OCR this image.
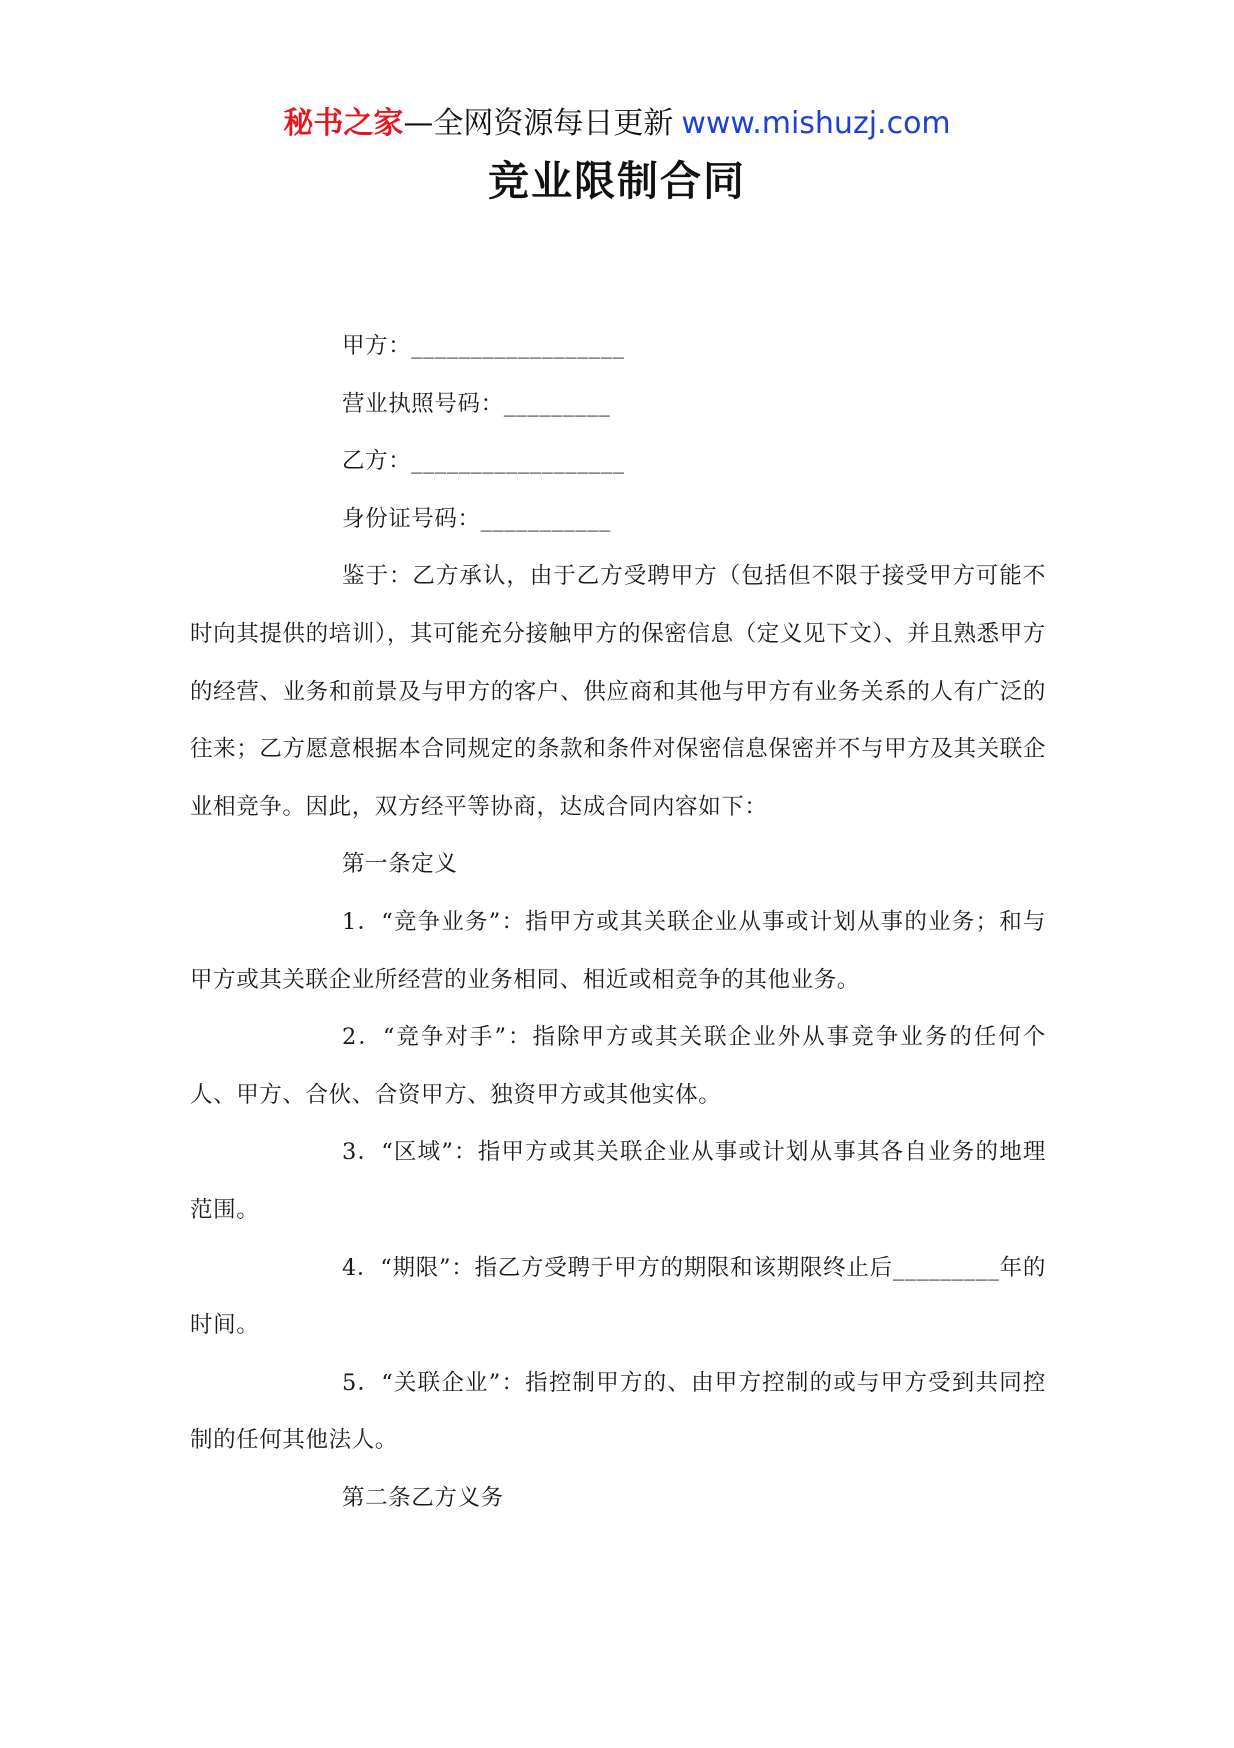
秘书之家—全网资源每日更新 www.mishuzj.com
竞业限制合同

甲方：__________________

营业执照号码：_________

乙方：__________________

身份证号码：___________

鉴于：乙方承认，由于乙方受聘甲方（包括但不限于接受甲方可能不时向其提供的培训），其可能充分接触甲方的保密信息（定义见下文）、并且熟悉甲方的经营、业务和前景及与甲方的客户、供应商和其他与甲方有业务关系的人有广泛的往来；乙方愿意根据本合同规定的条款和条件对保密信息保密并不与甲方及其关联企业相竞争。因此，双方经平等协商，达成合同内容如下：

第一条定义

1．“竞争业务”：指甲方或其关联企业从事或计划从事的业务；和与甲方或其关联企业所经营的业务相同、相近或相竞争的其他业务。

2．“竞争对手”：指除甲方或其关联企业外从事竞争业务的任何个人、甲方、合伙、合资甲方、独资甲方或其他实体。

3．“区域”：指甲方或其关联企业从事或计划从事其各自业务的地理范围。

4．“期限”：指乙方受聘于甲方的期限和该期限终止后_________年的时间。

5．“关联企业”：指控制甲方的、由甲方控制的或与甲方受到共同控制的任何其他法人。

第二条乙方义务
